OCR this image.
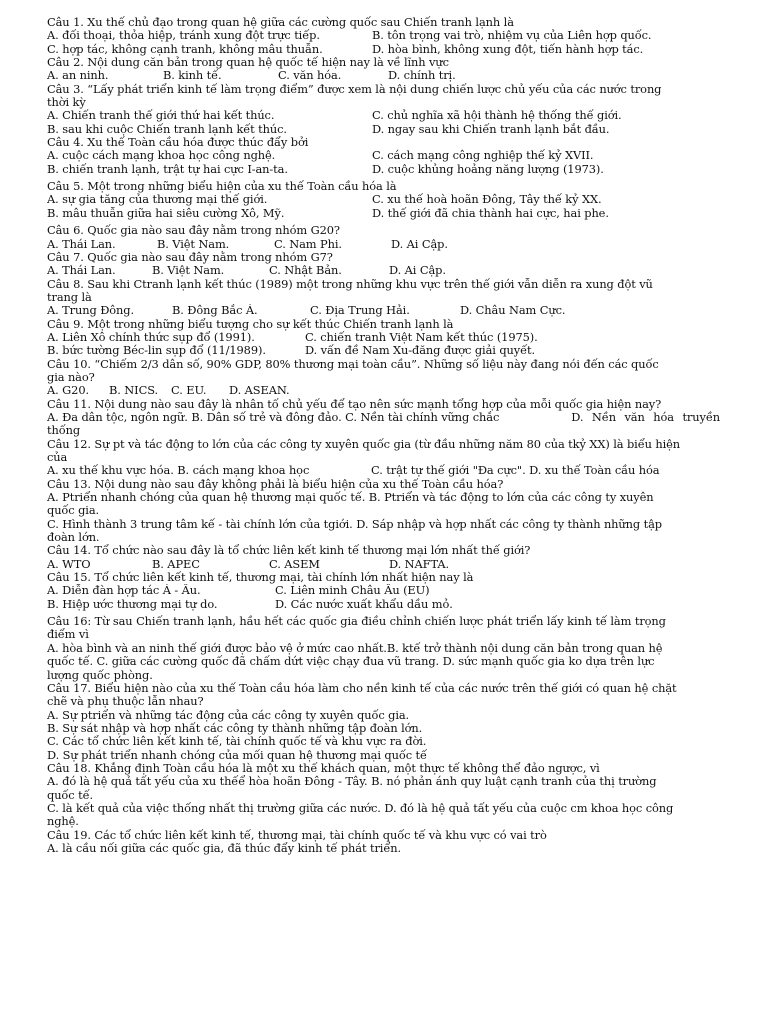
Câu 1. Xu thế chủ đạo trong quan hệ giữa các cường quốc sau Chiến tranh lạnh là
A. đối thoại, thỏa hiệp, tránh xung đột trực tiếp.	B. tôn trọng vai trò, nhiệm vụ của Liên hợp quốc.
C. hợp tác, không cạnh tranh, không mâu thuẫn.	D. hòa bình, không xung đột, tiến hành hợp tác.
Câu 2. Nội dung căn bản trong quan hệ quốc tế hiện nay là về lĩnh vực
A. an ninh.	B. kinh tế.	C. văn hóa.	D. chính trị.
Câu 3. “Lấy phát triển kinh tế làm trọng điểm” được xem là nội dung chiến lược chủ yếu của các nước trong
thời kỳ
A. Chiến tranh thế giới thứ hai kết thúc.	C. chủ nghĩa xã hội thành hệ thống thế giới.
B. sau khi cuộc Chiến tranh lạnh kết thúc.	D. ngay sau khi Chiến tranh lạnh bắt đầu.
Câu 4. Xu thế Toàn cầu hóa được thúc đẩy bởi
A. cuộc cách mạng khoa học công nghệ.	C. cách mạng công nghiệp thế kỷ XVII.
B. chiến tranh lạnh, trật tự hai cực I-an-ta.	D. cuộc khủng hoảng năng lượng (1973).
Câu 5. Một trong những biểu hiện của xu thế Toàn cầu hóa là
A. sự gia tăng của thương mại thế giới.	C. xu thế hoà hoãn Đông, Tây thế kỷ XX.
B. mâu thuẫn giữa hai siêu cường Xô, Mỹ.	D. thế giới đã chia thành hai cực, hai phe.
Câu 6. Quốc gia nào sau đây nằm trong nhóm G20?
A. Thái Lan.	B. Việt Nam.	C. Nam Phi.	D. Ai Cập.
Câu 7. Quốc gia nào sau đây nằm trong nhóm G7?
A. Thái Lan.	B. Việt Nam.	C. Nhật Bản.	D. Ai Cập.
Câu 8. Sau khi Ctranh lạnh kết thúc (1989) một trong những khu vực trên thế giới vẫn diễn ra xung đột vũ
trang là
A. Trung Đông.	B. Đông Bắc Á.	C. Địa Trung Hải.	D. Châu Nam Cực.
Câu 9. Một trong những biểu tượng cho sự kết thúc Chiến tranh lạnh là
A. Liên Xô chính thức sụp đổ (1991).	C. chiến tranh Việt Nam kết thúc (1975).
B. bức tường Béc-lin sụp đổ (11/1989).	D. vấn đề Nam Xu-đăng được giải quyết.
Câu 10. “Chiếm 2/3 dân số, 90% GDP, 80% thương mại toàn cầu”. Những số liệu này đang nói đến các quốc
gia nào?
A. G20.	B. NICS.	C. EU.	D. ASEAN.
Câu 11. Nội dung nào sau đây là nhân tố chủ yếu để tạo nên sức mạnh tổng hợp của mỗi quốc gia hiện nay?
A. Đa dân tộc, ngôn ngữ. B. Dân số trẻ và đông đảo. C. Nền tài chính vững chắc	D. Nền văn hóa truyền
thống
Câu 12. Sự pt và tác động to lớn của các công ty xuyên quốc gia (từ đầu những năm 80 của tkỷ XX) là biểu hiện
của
A. xu thế khu vực hóa. B. cách mạng khoa học	C. trật tự thế giới "Đa cực". D. xu thế Toàn cầu hóa
Câu 13. Nội dung nào sau đây không phải là biểu hiện của xu thế Toàn cầu hóa?
A. Ptriển nhanh chóng của quan hệ thương mại quốc tế. B. Ptriển và tác động to lớn của các công ty xuyên
quốc gia.
C. Hình thành 3 trung tâm kế - tài chính lớn của tgiới. D. Sáp nhập và hợp nhất các công ty thành những tập
đoàn lớn.
Câu 14. Tổ chức nào sau đây là tổ chức liên kết kinh tế thương mại lớn nhất thế giới?
A. WTO	B. APEC	C. ASEM	D. NAFTA.
Câu 15. Tổ chức liên kết kinh tế, thương mại, tài chính lớn nhất hiện nay là
A. Diễn đàn hợp tác Á - Âu.	C. Liên minh Châu Âu (EU)
B. Hiệp ước thương mại tự do.	D. Các nước xuất khẩu dầu mỏ.
Câu 16: Từ sau Chiến tranh lạnh, hầu hết các quốc gia điều chỉnh chiến lược phát triển lấy kinh tế làm trọng
điểm vì
A. hòa bình và an ninh thế giới được bảo vệ ở mức cao nhất.B. ktế trở thành nội dung căn bản trong quan hệ
quốc tế. C. giữa các cường quốc đã chấm dứt việc chạy đua vũ trang. D. sức mạnh quốc gia ko dựa trên lực
lượng quốc phòng.
Câu 17. Biểu hiện nào của xu thế Toàn cầu hóa làm cho nền kinh tế của các nước trên thế giới có quan hệ chặt
chẽ và phụ thuộc lẫn nhau?
A. Sự ptriển và những tác động của các công ty xuyên quốc gia.
B. Sự sát nhập và hợp nhất các công ty thành những tập đoàn lớn.
C. Các tổ chức liên kết kinh tế, tài chính quốc tế và khu vực ra đời.
D. Sự phát triển nhanh chóng của mối quan hệ thương mại quốc tế
Câu 18. Khẳng định Toàn cầu hóa là một xu thế khách quan, một thực tế không thể đảo ngược, vì
A. đó là hệ quả tất yếu của xu thếể hòa hoãn Đông - Tây. B. nó phản ánh quy luật cạnh tranh của thị trường
quốc tế.
C. là kết quả của việc thống nhất thị trường giữa các nước. D. đó là hệ quả tất yếu của cuộc cm khoa học công
nghệ.
Câu 19. Các tổ chức liên kết kinh tế, thương mại, tài chính quốc tế và khu vực có vai trò
A. là cầu nối giữa các quốc gia, đã thúc đẩy kinh tế phát triển.
